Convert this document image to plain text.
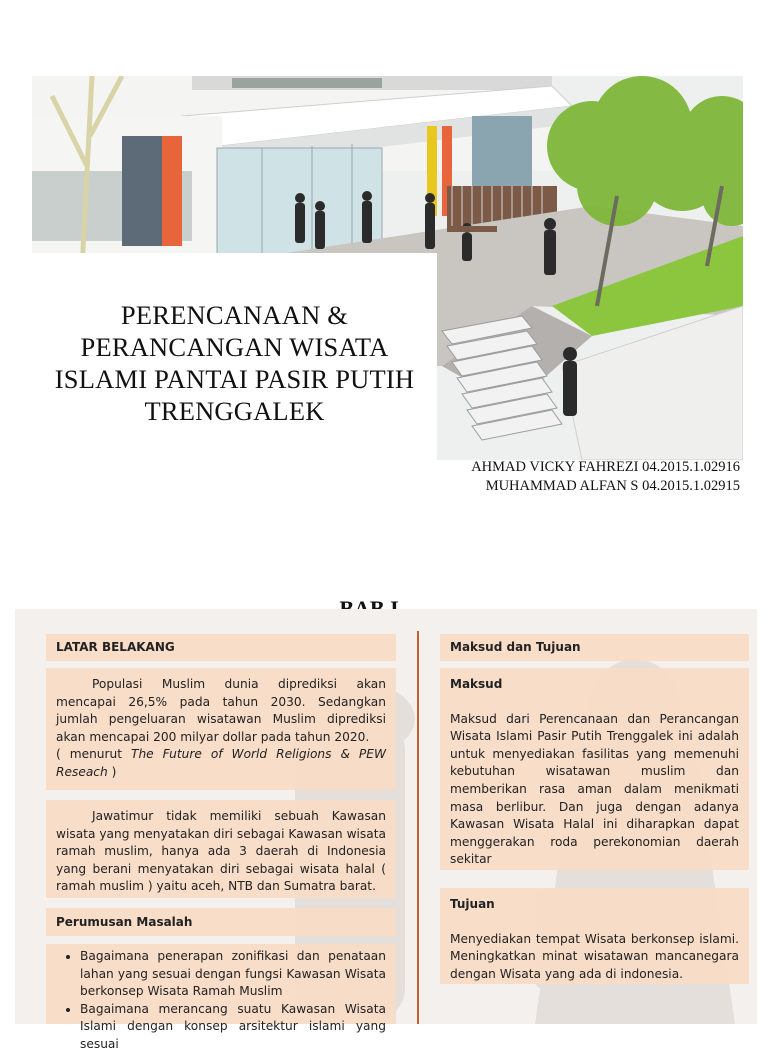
PERENCANAAN & PERANCANGAN WISATA ISLAMI PANTAI PASIR PUTIH TRENGGALEK
AHMAD VICKY FAHREZI 04.2015.1.02916
MUHAMMAD ALFAN S 04.2015.1.02915
LATAR BELAKANG
Populasi Muslim dunia diprediksi akan mencapai 26,5% pada tahun 2030. Sedangkan jumlah pengeluaran wisatawan Muslim diprediksi akan mencapai 200 milyar dollar pada tahun 2020.
( menurut The Future of World Religions & PEW Reseach )
Jawatimur tidak memiliki sebuah Kawasan wisata yang menyatakan diri sebagai Kawasan wisata ramah muslim, hanya ada 3 daerah di Indonesia yang berani menyatakan diri sebagai wisata halal ( ramah muslim ) yaitu aceh, NTB dan Sumatra barat.
Perumusan Masalah
• Bagaimana penerapan zonifikasi dan penataan lahan yang sesuai dengan fungsi Kawasan Wisata berkonsep Wisata Ramah Muslim
• Bagaimana merancang suatu Kawasan Wisata Islami dengan konsep arsitektur islami yang sesuai
Maksud dan Tujuan
Maksud
Maksud dari Perencanaan dan Perancangan Wisata Islami Pasir Putih Trenggalek ini adalah untuk menyediakan fasilitas yang memenuhi kebutuhan wisatawan muslim dan memberikan rasa aman dalam menikmati masa berlibur. Dan juga dengan adanya Kawasan Wisata Halal ini diharapkan dapat menggerakan roda perekonomian daerah sekitar
Tujuan
Menyediakan tempat Wisata berkonsep islami. Meningkatkan minat wisatawan mancanegara dengan Wisata yang ada di indonesia.
